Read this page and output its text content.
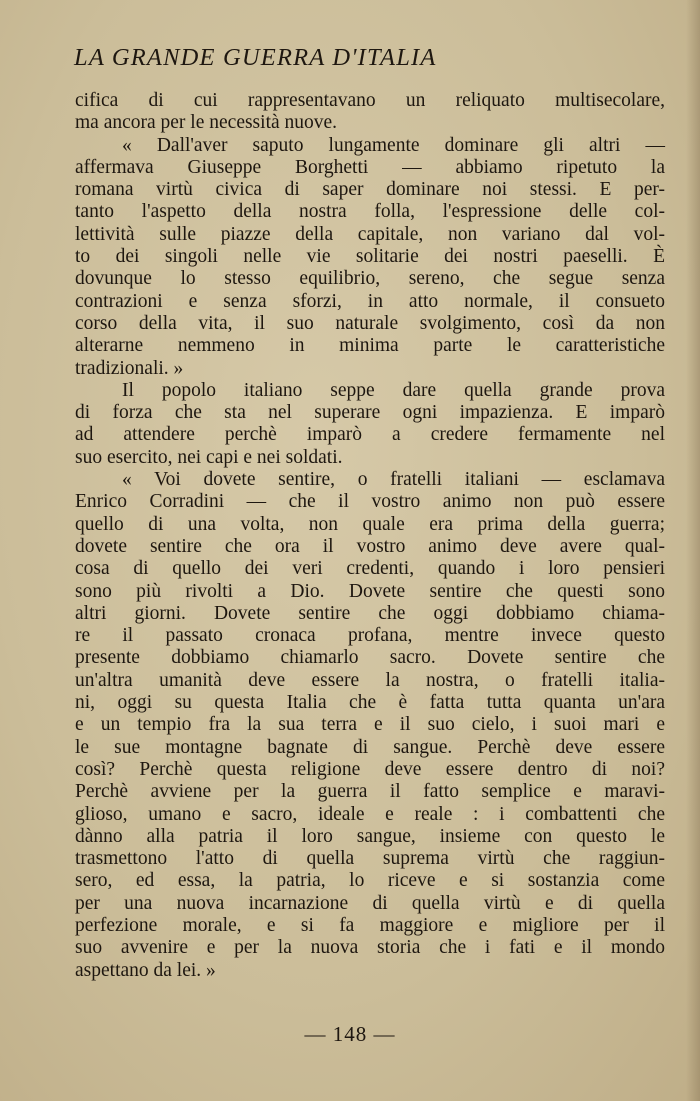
LA GRANDE GUERRA D'ITALIA
cifica di cui rappresentavano un reliquato multisecolare,
ma ancora per le necessità nuove.
« Dall'aver saputo lungamente dominare gli altri —
affermava Giuseppe Borghetti — abbiamo ripetuto la
romana virtù civica di saper dominare noi stessi. E per-
tanto l'aspetto della nostra folla, l'espressione delle col-
lettività sulle piazze della capitale, non variano dal vol-
to dei singoli nelle vie solitarie dei nostri paeselli. È
dovunque lo stesso equilibrio, sereno, che segue senza
contrazioni e senza sforzi, in atto normale, il consueto
corso della vita, il suo naturale svolgimento, così da non
alterarne nemmeno in minima parte le caratteristiche
tradizionali. »
Il popolo italiano seppe dare quella grande prova
di forza che sta nel superare ogni impazienza. E imparò
ad attendere perchè imparò a credere fermamente nel
suo esercito, nei capi e nei soldati.
« Voi dovete sentire, o fratelli italiani — esclamava
Enrico Corradini — che il vostro animo non può essere
quello di una volta, non quale era prima della guerra;
dovete sentire che ora il vostro animo deve avere qual-
cosa di quello dei veri credenti, quando i loro pensieri
sono più rivolti a Dio. Dovete sentire che questi sono
altri giorni. Dovete sentire che oggi dobbiamo chiama-
re il passato cronaca profana, mentre invece questo
presente dobbiamo chiamarlo sacro. Dovete sentire che
un'altra umanità deve essere la nostra, o fratelli italia-
ni, oggi su questa Italia che è fatta tutta quanta un'ara
e un tempio fra la sua terra e il suo cielo, i suoi mari e
le sue montagne bagnate di sangue. Perchè deve essere
così? Perchè questa religione deve essere dentro di noi?
Perchè avviene per la guerra il fatto semplice e maravi-
glioso, umano e sacro, ideale e reale : i combattenti che
dànno alla patria il loro sangue, insieme con questo le
trasmettono l'atto di quella suprema virtù che raggiun-
sero, ed essa, la patria, lo riceve e si sostanzia come
per una nuova incarnazione di quella virtù e di quella
perfezione morale, e si fa maggiore e migliore per il
suo avvenire e per la nuova storia che i fati e il mondo
aspettano da lei. »
— 148 —
